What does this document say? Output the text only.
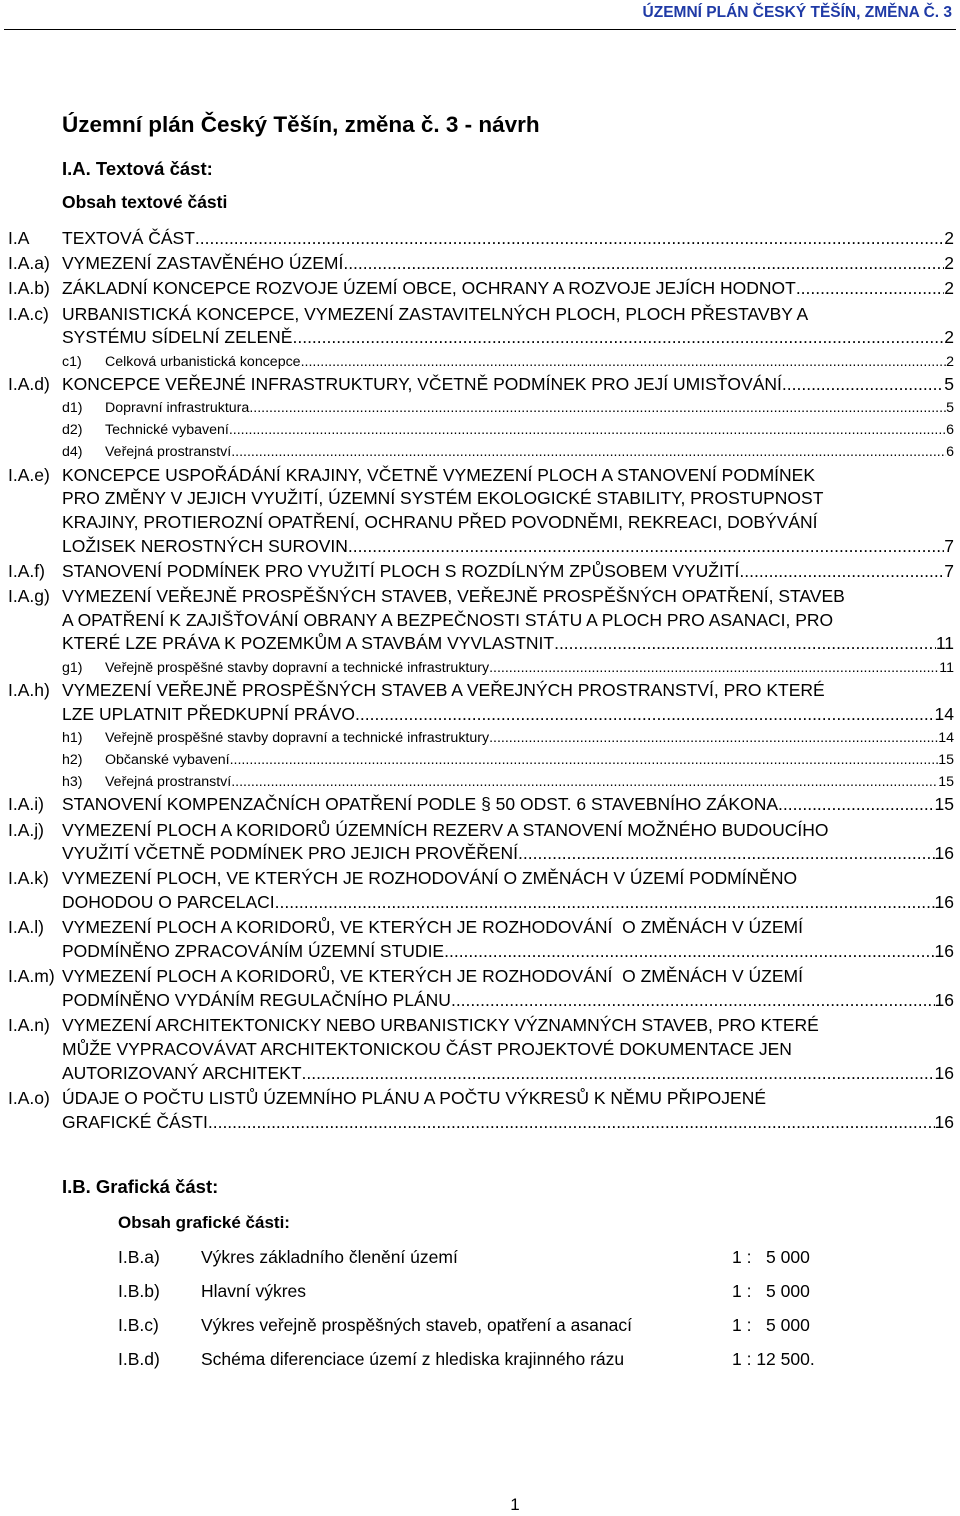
ÚZEMNÍ PLÁN ČESKÝ TĚŠÍN, ZMĚNA Č. 3
Územní plán Český Těšín, změna č. 3 - návrh
I.A. Textová část:
Obsah textové části
I.A TEXTOVÁ ČÁST .....	2
I.A.a) VYMEZENÍ ZASTAVĚNÉHO ÚZEMÍ .....	2
I.A.b) ZÁKLADNÍ KONCEPCE ROZVOJE ÚZEMÍ OBCE, OCHRANY A ROZVOJE JEJÍCH HODNOT .....	2
I.A.c) URBANISTICKÁ KONCEPCE, VYMEZENÍ ZASTAVITELNÝCH PLOCH, PLOCH PŘESTAVBY A
SYSTÉMU SÍDELNÍ ZELENĚ .....	2
c1) Celková urbanistická koncepce .....	2
I.A.d) KONCEPCE VEŘEJNÉ INFRASTRUKTURY, VČETNĚ PODMÍNEK PRO JEJÍ UMISŤOVÁNÍ .....	5
d1) Dopravní infrastruktura .....	5
d2) Technické vybavení .....	6
d4) Veřejná prostranství .....	6
I.A.e) KONCEPCE USPOŘÁDÁNÍ KRAJINY, VČETNĚ VYMEZENÍ PLOCH A STANOVENÍ PODMÍNEK
PRO ZMĚNY V JEJICH VYUŽITÍ, ÚZEMNÍ SYSTÉM EKOLOGICKÉ STABILITY, PROSTUPNOST
KRAJINY, PROTIEROZNÍ OPATŘENÍ, OCHRANU PŘED POVODNĚMI, REKREACI, DOBÝVÁNÍ
LOŽISEK NEROSTNÝCH SUROVIN .....	7
I.A.f) STANOVENÍ PODMÍNEK PRO VYUŽITÍ PLOCH S ROZDÍLNÝM ZPŮSOBEM VYUŽITÍ .....	7
I.A.g) VYMEZENÍ VEŘEJNĚ PROSPĚŠNÝCH STAVEB, VEŘEJNĚ PROSPĚŠNÝCH OPATŘENÍ, STAVEB
A OPATŘENÍ K ZAJIŠŤOVÁNÍ OBRANY A BEZPEČNOSTI STÁTU A PLOCH PRO ASANACI, PRO
KTERÉ LZE PRÁVA K POZEMKŮM A STAVBÁM VYVLASTNIT .....	11
g1) Veřejně prospěšné stavby dopravní a technické infrastruktury .....	11
I.A.h) VYMEZENÍ VEŘEJNĚ PROSPĚŠNÝCH STAVEB A VEŘEJNÝCH PROSTRANSTVÍ, PRO KTERÉ
LZE UPLATNIT PŘEDKUPNÍ PRÁVO .....	14
h1) Veřejně prospěšné stavby dopravní a technické infrastruktury .....	14
h2) Občanské vybavení .....	15
h3) Veřejná prostranství .....	15
I.A.i) STANOVENÍ KOMPENZAČNÍCH OPATŘENÍ PODLE § 50 ODST. 6 STAVEBNÍHO ZÁKONA .....	15
I.A.j) VYMEZENÍ PLOCH A KORIDORŮ ÚZEMNÍCH REZERV A STANOVENÍ MOŽNÉHO BUDOUCÍHO
VYUŽITÍ VČETNĚ PODMÍNEK PRO JEJICH PROVĚŘENÍ .....	16
I.A.k) VYMEZENÍ PLOCH, VE KTERÝCH JE ROZHODOVÁNÍ O ZMĚNÁCH V ÚZEMÍ PODMÍNĚNO
DOHODOU O PARCELACI .....	16
I.A.l) VYMEZENÍ PLOCH A KORIDORŮ, VE KTERÝCH JE ROZHODOVÁNÍ  O ZMĚNÁCH V ÚZEMÍ
PODMÍNĚNO ZPRACOVÁNÍM ÚZEMNÍ STUDIE .....	16
I.A.m) VYMEZENÍ PLOCH A KORIDORŮ, VE KTERÝCH JE ROZHODOVÁNÍ  O ZMĚNÁCH V ÚZEMÍ
PODMÍNĚNO VYDÁNÍM REGULAČNÍHO PLÁNU .....	16
I.A.n) VYMEZENÍ ARCHITEKTONICKY NEBO URBANISTICKY VÝZNAMNÝCH STAVEB, PRO KTERÉ
MŮŽE VYPRACOVÁVAT ARCHITEKTONICKOU ČÁST PROJEKTOVÉ DOKUMENTACE JEN
AUTORIZOVANÝ ARCHITEKT .....	16
I.A.o) ÚDAJE O POČTU LISTŮ ÚZEMNÍHO PLÁNU A POČTU VÝKRESŮ K NĚMU PŘIPOJENÉ
GRAFICKÉ ČÁSTI .....	16
I.B. Grafická část:
Obsah grafické části:
I.B.a) Výkres základního členění území	1 :   5 000
I.B.b) Hlavní výkres	1 :   5 000
I.B.c) Výkres veřejně prospěšných staveb, opatření a asanací	1 :   5 000
I.B.d) Schéma diferenciace území z hlediska krajinného rázu	1 : 12 500.
1
